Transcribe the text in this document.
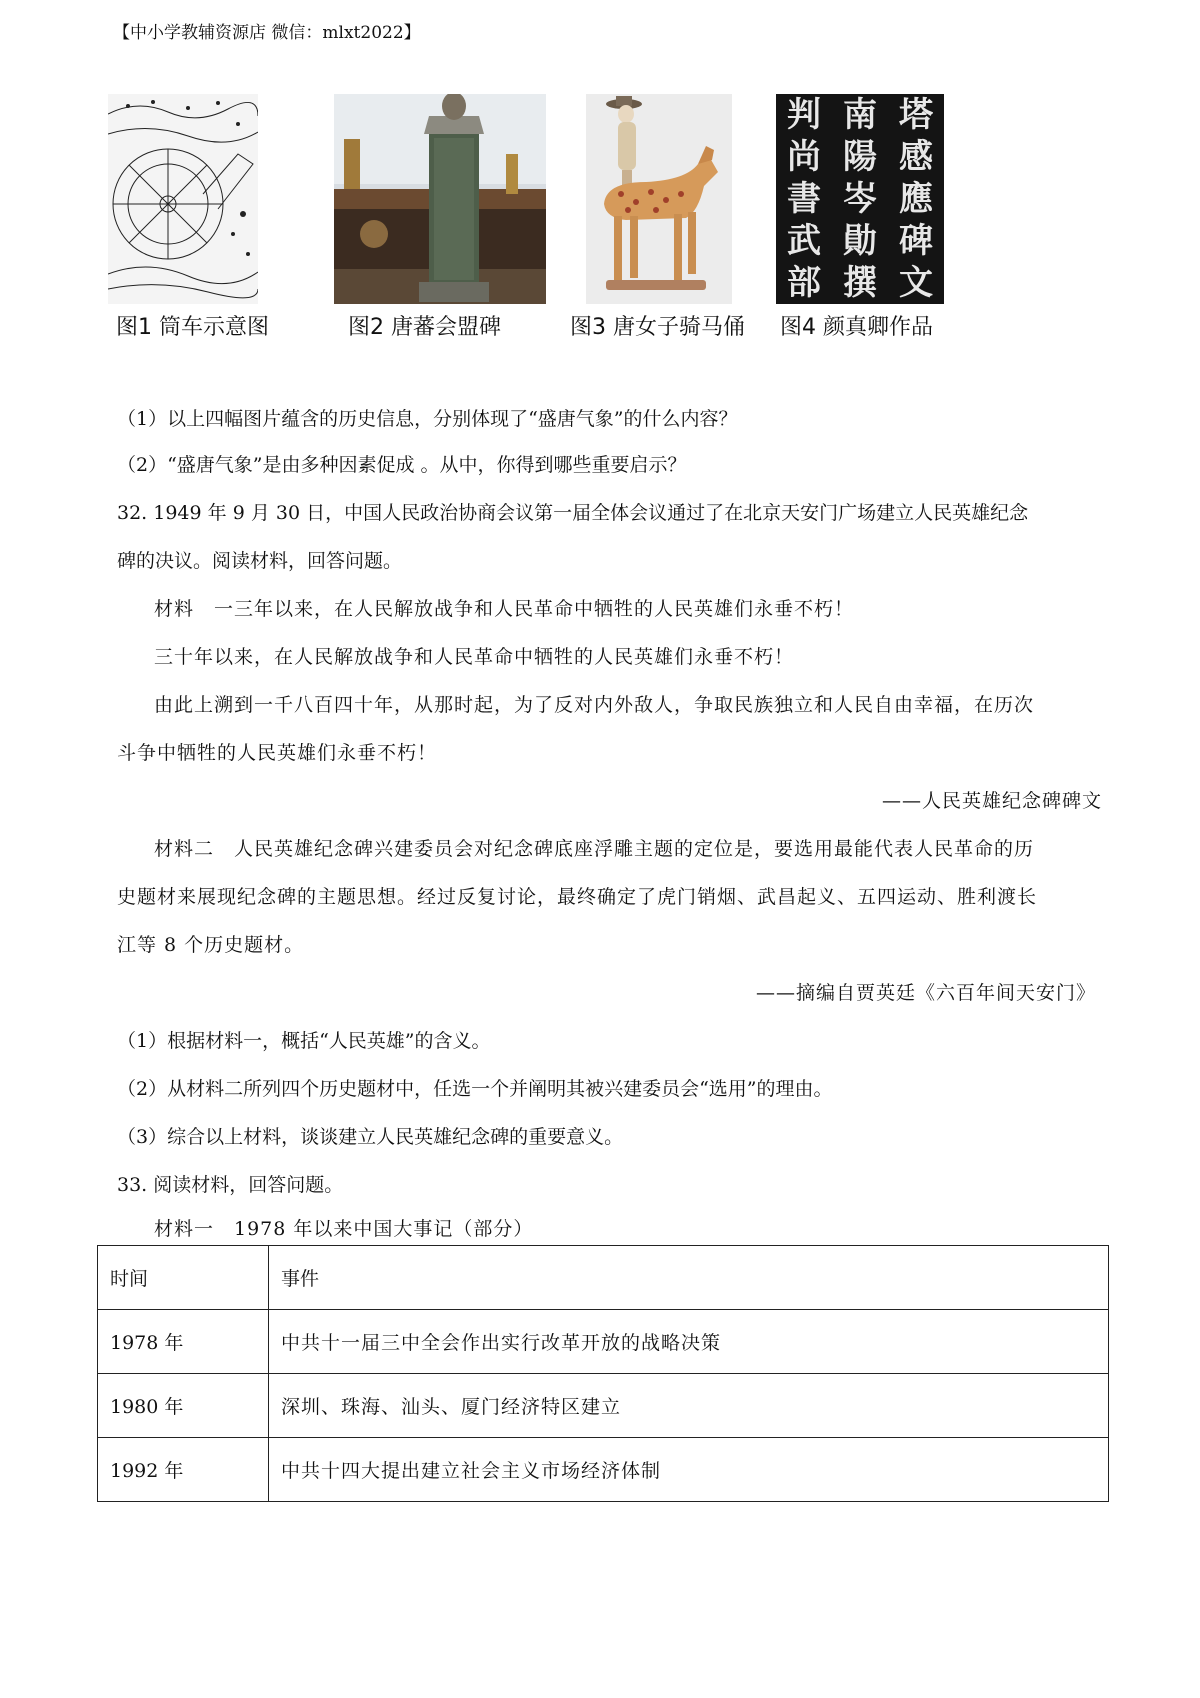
【中小学教辅资源店 微信：mlxt2022】
图1 筒车示意图	图2 唐蕃会盟碑	图3 唐女子骑马俑
塔
感
應
碑
文
南
陽
岑
勛
撰
判
尚
書
武
部
图4 颜真卿作品
（1）以上四幅图片蕴含的历史信息，分别体现了“盛唐气象”的什么内容？
（2）“盛唐气象”是由多种因素促成 。从中，你得到哪些重要启示？
32. 1949 年 9 月 30 日，中国人民政治协商会议第一届全体会议通过了在北京天安门广场建立人民英雄纪念
碑的决议。阅读材料，回答问题。
材料　一三年以来，在人民解放战争和人民革命中牺牲的人民英雄们永垂不朽！
三十年以来，在人民解放战争和人民革命中牺牲的人民英雄们永垂不朽！
由此上溯到一千八百四十年，从那时起，为了反对内外敌人，争取民族独立和人民自由幸福，在历次
斗争中牺牲的人民英雄们永垂不朽！
——人民英雄纪念碑碑文
材料二　人民英雄纪念碑兴建委员会对纪念碑底座浮雕主题的定位是，要选用最能代表人民革命的历
史题材来展现纪念碑的主题思想。经过反复讨论，最终确定了虎门销烟、武昌起义、五四运动、胜利渡长
江等 8 个历史题材。
——摘编自贾英廷《六百年间天安门》
（1）根据材料一，概括“人民英雄”的含义。
（2）从材料二所列四个历史题材中，任选一个并阐明其被兴建委员会“选用”的理由。
（3）综合以上材料，谈谈建立人民英雄纪念碑的重要意义。
33. 阅读材料，回答问题。
材料一　1978 年以来中国大事记（部分）
时间	事件
1978 年	中共十一届三中全会作出实行改革开放的战略决策
1980 年	深圳、珠海、汕头、厦门经济特区建立
1992 年	中共十四大提出建立社会主义市场经济体制
